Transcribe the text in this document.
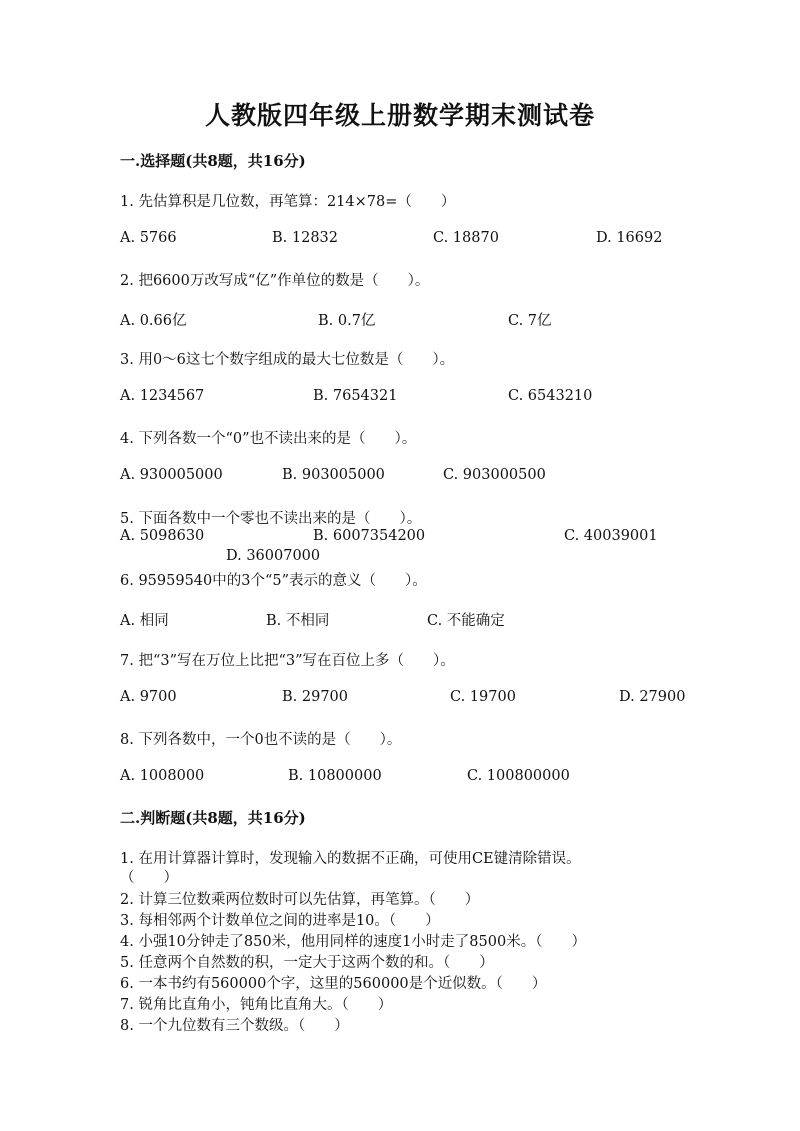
人教版四年级上册数学期末测试卷
一.选择题(共8题，共16分)
1. 先估算积是几位数，再笔算：214×78=（　　）
A. 5766	B. 12832	C. 18870	D. 16692
2. 把6600万改写成“亿”作单位的数是（　　）。
A. 0.66亿	B. 0.7亿	C. 7亿
3. 用0～6这七个数字组成的最大七位数是（　　）。
A. 1234567	B. 7654321	C. 6543210
4. 下列各数一个“0”也不读出来的是（　　）。
A. 930005000	B. 903005000	C. 903000500
5. 下面各数中一个零也不读出来的是（　　）。
A. 5098630	B. 6007354200	C. 40039001
D. 36007000
6. 95959540中的3个“5”表示的意义（　　）。
A. 相同	B. 不相同	C. 不能确定
7. 把“3”写在万位上比把“3”写在百位上多（　　）。
A. 9700	B. 29700	C. 19700	D. 27900
8. 下列各数中，一个0也不读的是（　　）。
A. 1008000	B. 10800000	C. 100800000
二.判断题(共8题，共16分)
1. 在用计算器计算时，发现输入的数据不正确，可使用CE键清除错误。
（　　）
2. 计算三位数乘两位数时可以先估算，再笔算。（　　）
3. 每相邻两个计数单位之间的进率是10。（　　）
4. 小强10分钟走了850米，他用同样的速度1小时走了8500米。（　　）
5. 任意两个自然数的积，一定大于这两个数的和。（　　）
6. 一本书约有560000个字，这里的560000是个近似数。（　　）
7. 锐角比直角小，钝角比直角大。（　　）
8. 一个九位数有三个数级。（　　）
